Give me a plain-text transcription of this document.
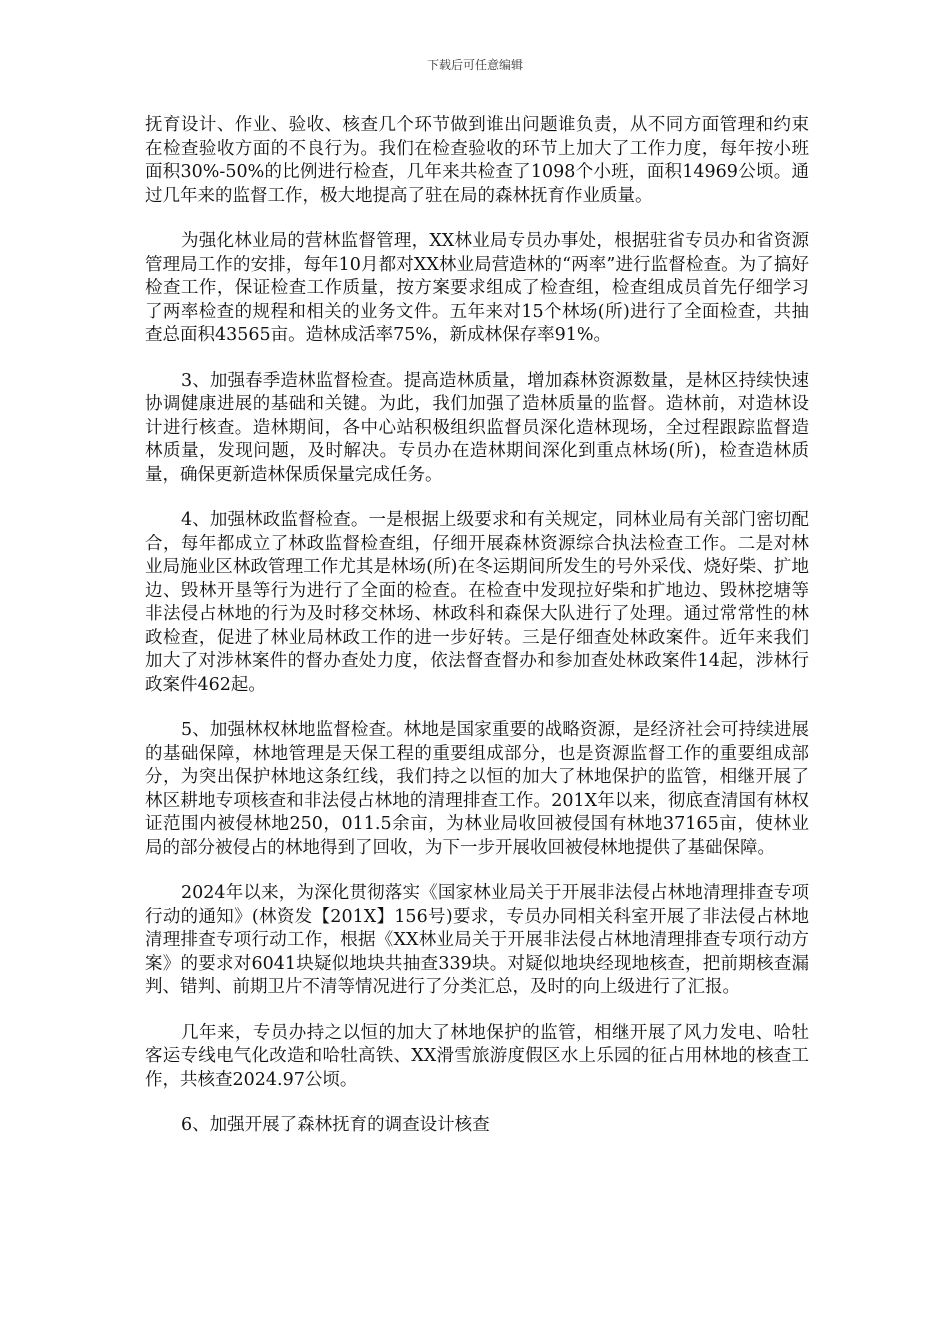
下载后可任意编辑

抚育设计、作业、验收、核查几个环节做到谁出问题谁负责，从不同方面管理和约束在检查验收方面的不良行为。我们在检查验收的环节上加大了工作力度，每年按小班面积30%-50%的比例进行检查，几年来共检查了1098个小班，面积14969公顷。通过几年来的监督工作，极大地提高了驻在局的森林抚育作业质量。

为强化林业局的营林监督管理，XX林业局专员办事处，根据驻省专员办和省资源管理局工作的安排，每年10月都对XX林业局营造林的“两率”进行监督检查。为了搞好检查工作，保证检查工作质量，按方案要求组成了检查组，检查组成员首先仔细学习了两率检查的规程和相关的业务文件。五年来对15个林场(所)进行了全面检查，共抽查总面积43565亩。造林成活率75%，新成林保存率91%。

3、加强春季造林监督检查。提高造林质量，增加森林资源数量，是林区持续快速协调健康进展的基础和关键。为此，我们加强了造林质量的监督。造林前，对造林设计进行核查。造林期间，各中心站积极组织监督员深化造林现场，全过程跟踪监督造林质量，发现问题，及时解决。专员办在造林期间深化到重点林场(所)，检查造林质量，确保更新造林保质保量完成任务。

4、加强林政监督检查。一是根据上级要求和有关规定，同林业局有关部门密切配合，每年都成立了林政监督检查组，仔细开展森林资源综合执法检查工作。二是对林业局施业区林政管理工作尤其是林场(所)在冬运期间所发生的号外采伐、烧好柴、扩地边、毁林开垦等行为进行了全面的检查。在检查中发现拉好柴和扩地边、毁林挖塘等非法侵占林地的行为及时移交林场、林政科和森保大队进行了处理。通过常常性的林政检查，促进了林业局林政工作的进一步好转。三是仔细查处林政案件。近年来我们加大了对涉林案件的督办查处力度，依法督查督办和参加查处林政案件14起，涉林行政案件462起。

5、加强林权林地监督检查。林地是国家重要的战略资源，是经济社会可持续进展的基础保障，林地管理是天保工程的重要组成部分，也是资源监督工作的重要组成部分，为突出保护林地这条红线，我们持之以恒的加大了林地保护的监管，相继开展了林区耕地专项核查和非法侵占林地的清理排查工作。201X年以来，彻底查清国有林权证范围内被侵林地250，011.5余亩，为林业局收回被侵国有林地37165亩，使林业局的部分被侵占的林地得到了回收，为下一步开展收回被侵林地提供了基础保障。

2024年以来，为深化贯彻落实《国家林业局关于开展非法侵占林地清理排查专项行动的通知》(林资发【201X】156号)要求，专员办同相关科室开展了非法侵占林地清理排查专项行动工作，根据《XX林业局关于开展非法侵占林地清理排查专项行动方案》的要求对6041块疑似地块共抽查339块。对疑似地块经现地核查，把前期核查漏判、错判、前期卫片不清等情况进行了分类汇总，及时的向上级进行了汇报。

几年来，专员办持之以恒的加大了林地保护的监管，相继开展了风力发电、哈牡客运专线电气化改造和哈牡高铁、XX滑雪旅游度假区水上乐园的征占用林地的核查工作，共核查2024.97公顷。

6、加强开展了森林抚育的调查设计核查
